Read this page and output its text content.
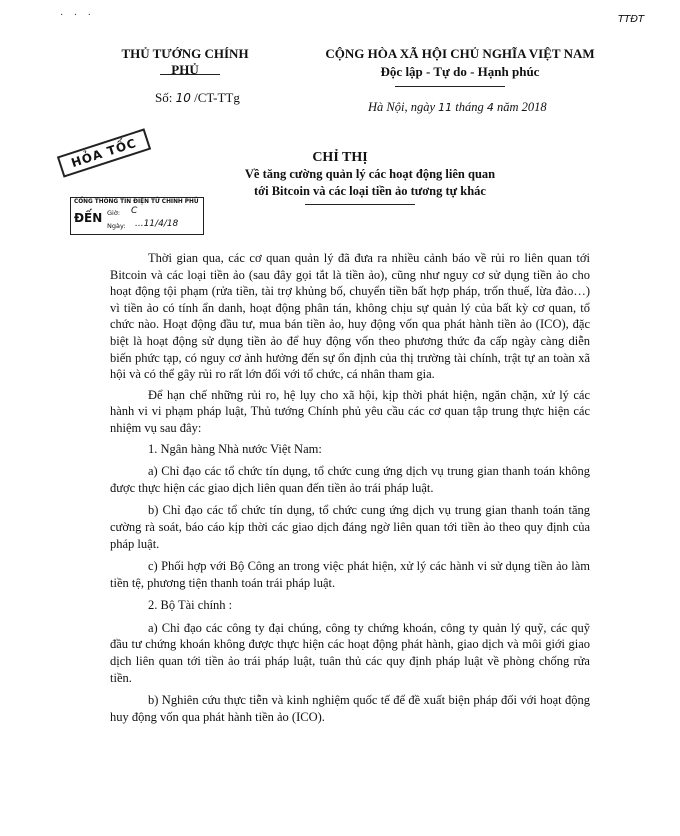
· · ·	TTĐT
THỦ TƯỚNG CHÍNH PHỦ
CỘNG HÒA XÃ HỘI CHỦ NGHĨA VIỆT NAM
Độc lập - Tự do - Hạnh phúc
Số: 10 /CT-TTg
Hà Nội, ngày 11 tháng 4 năm 2018
HỎA TỐC	CHỈ THỊ
Về tăng cường quản lý các hoạt động liên quan
tới Bitcoin và các loại tiền ảo tương tự khác
CỔNG THÔNG TIN ĐIỆN TỬ CHÍNH PHỦ
ĐẾN Giờ: C
Ngày: ...11/4/18

Thời gian qua, các cơ quan quản lý đã đưa ra nhiều cảnh báo về rủi ro liên quan tới Bitcoin và các loại tiền ảo (sau đây gọi tắt là tiền ảo), cũng như nguy cơ sử dụng tiền ảo cho hoạt động tội phạm (rửa tiền, tài trợ khủng bố, chuyển tiền bất hợp pháp, trốn thuế, lừa đảo…) vì tiền ảo có tính ẩn danh, hoạt động phân tán, không chịu sự quản lý của bất kỳ cơ quan, tổ chức nào. Hoạt động đầu tư, mua bán tiền ảo, huy động vốn qua phát hành tiền ảo (ICO), đặc biệt là hoạt động sử dụng tiền ảo để huy động vốn theo phương thức đa cấp ngày càng diễn biến phức tạp, có nguy cơ ảnh hưởng đến sự ổn định của thị trường tài chính, trật tự an toàn xã hội và có thể gây rủi ro rất lớn đối với tổ chức, cá nhân tham gia.

Để hạn chế những rủi ro, hệ lụy cho xã hội, kịp thời phát hiện, ngăn chặn, xử lý các hành vi vi phạm pháp luật, Thủ tướng Chính phủ yêu cầu các cơ quan tập trung thực hiện các nhiệm vụ sau đây:

1. Ngân hàng Nhà nước Việt Nam:

a) Chỉ đạo các tổ chức tín dụng, tổ chức cung ứng dịch vụ trung gian thanh toán không được thực hiện các giao dịch liên quan đến tiền ảo trái pháp luật.

b) Chỉ đạo các tổ chức tín dụng, tổ chức cung ứng dịch vụ trung gian thanh toán tăng cường rà soát, báo cáo kịp thời các giao dịch đáng ngờ liên quan tới tiền ảo theo quy định của pháp luật.

c) Phối hợp với Bộ Công an trong việc phát hiện, xử lý các hành vi sử dụng tiền ảo làm tiền tệ, phương tiện thanh toán trái pháp luật.

2. Bộ Tài chính :

a) Chỉ đạo các công ty đại chúng, công ty chứng khoán, công ty quản lý quỹ, các quỹ đầu tư chứng khoán không được thực hiện các hoạt động phát hành, giao dịch và môi giới giao dịch liên quan tới tiền ảo trái pháp luật, tuân thủ các quy định pháp luật về phòng chống rửa tiền.

b) Nghiên cứu thực tiễn và kinh nghiệm quốc tế để đề xuất biện pháp đối với hoạt động huy động vốn qua phát hành tiền ảo (ICO).
